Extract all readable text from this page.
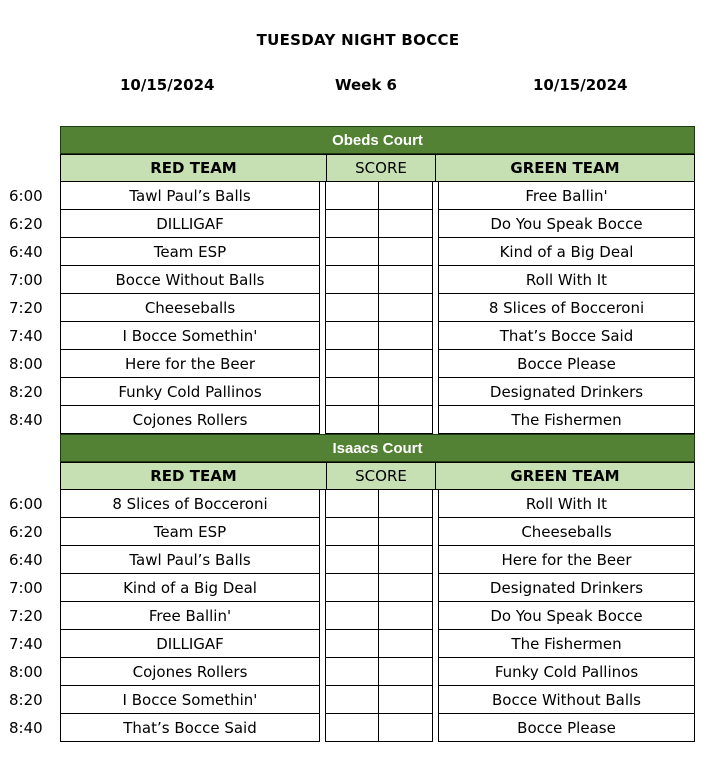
TUESDAY NIGHT BOCCE
10/15/2024	Week 6	10/15/2024
Obeds Court
RED TEAM	SCORE	GREEN TEAM
6:00	Tawl Paul’s Balls	Free Ballin'
6:20	DILLIGAF	Do You Speak Bocce
6:40	Team ESP	Kind of a Big Deal
7:00	Bocce Without Balls	Roll With It
7:20	Cheeseballs	8 Slices of Bocceroni
7:40	I Bocce Somethin'	That’s Bocce Said
8:00	Here for the Beer	Bocce Please
8:20	Funky Cold Pallinos	Designated Drinkers
8:40	Cojones Rollers	The Fishermen
Isaacs Court
RED TEAM	SCORE	GREEN TEAM
6:00	8 Slices of Bocceroni	Roll With It
6:20	Team ESP	Cheeseballs
6:40	Tawl Paul’s Balls	Here for the Beer
7:00	Kind of a Big Deal	Designated Drinkers
7:20	Free Ballin'	Do You Speak Bocce
7:40	DILLIGAF	The Fishermen
8:00	Cojones Rollers	Funky Cold Pallinos
8:20	I Bocce Somethin'	Bocce Without Balls
8:40	That’s Bocce Said	Bocce Please
